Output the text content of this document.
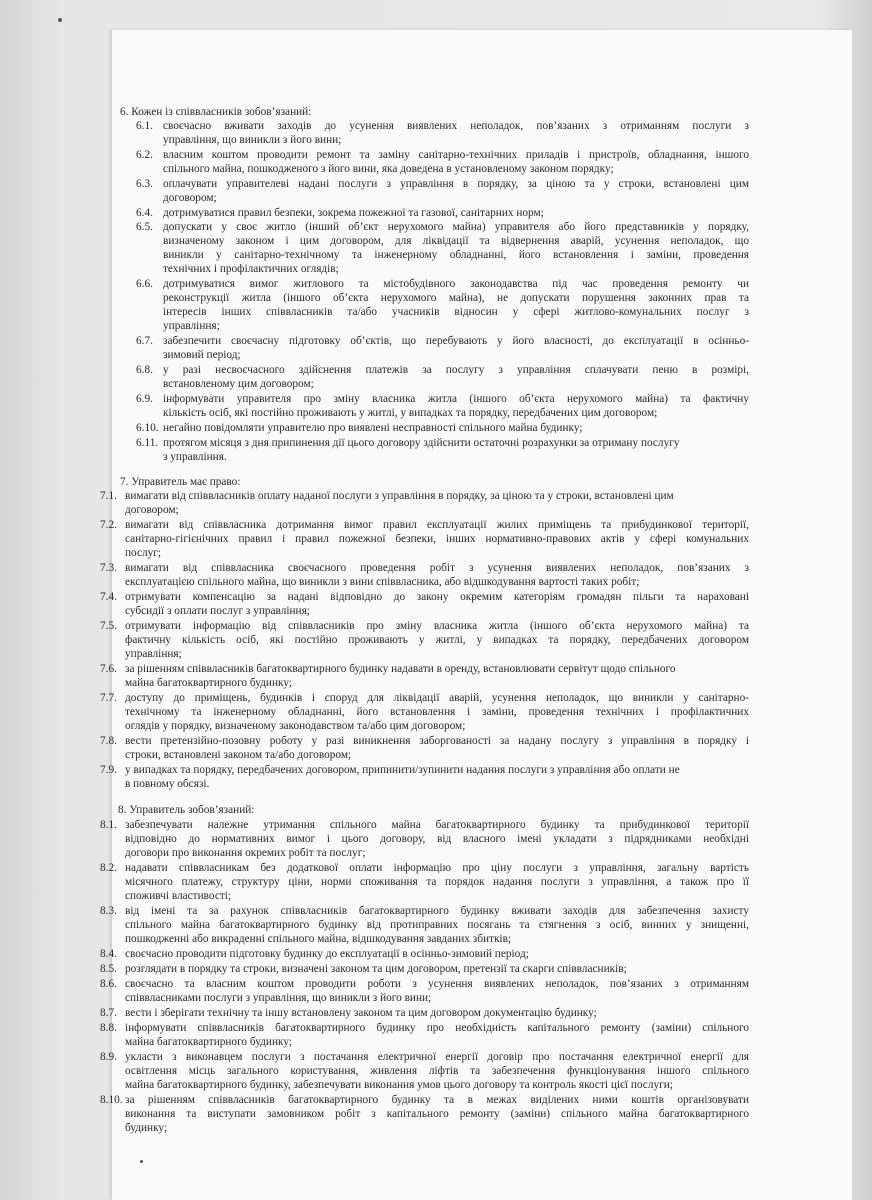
6. Кожен із співвласників зобов’язаний:
6.1. своєчасно вживати заходів до усунення виявлених неполадок, пов’язаних з отриманням послуги з
управління, що виникли з його вини;
6.2. власним коштом проводити ремонт та заміну санітарно-технічних приладів і пристроїв, обладнання, іншого
спільного майна, пошкодженого з його вини, яка доведена в установленому законом порядку;
6.3. оплачувати управителеві надані послуги з управління в порядку, за ціною та у строки, встановлені цим
договором;
6.4. дотримуватися правил безпеки, зокрема пожежної та газової, санітарних норм;
6.5. допускати у своє житло (інший об’єкт нерухомого майна) управителя або його представників у порядку,
визначеному законом і цим договором, для ліквідації та відвернення аварій, усунення неполадок, що
виникли у санітарно-технічному та інженерному обладнанні, його встановлення і заміни, проведення
технічних і профілактичних оглядів;
6.6. дотримуватися вимог житлового та містобудівного законодавства під час проведення ремонту чи
реконструкції житла (іншого об’єкта нерухомого майна), не допускати порушення законних прав та
інтересів інших співвласників та/або учасників відносин у сфері житлово-комунальних послуг з
управління;
6.7. забезпечити своєчасну підготовку об’єктів, що перебувають у його власності, до експлуатації в осінньо-
зимовий період;
6.8. у разі несвоєчасного здійснення платежів за послугу з управління сплачувати пеню в розмірі,
встановленому цим договором;
6.9. інформувати управителя про зміну власника житла (іншого об’єкта нерухомого майна) та фактичну
кількість осіб, які постійно проживають у житлі, у випадках та порядку, передбачених цим договором;
6.10. негайно повідомляти управителю про виявлені несправності спільного майна будинку;
6.11. протягом місяця з дня припинення дії цього договору здійснити остаточні розрахунки за отриману послугу
з управління.
7. Управитель має право:
7.1. вимагати від співвласників оплату наданої послуги з управління в порядку, за ціною та у строки, встановлені цим
договором;
7.2. вимагати від співвласника дотримання вимог правил експлуатації жилих приміщень та прибудинкової території,
санітарно-гігієнічних правил і правил пожежної безпеки, інших нормативно-правових актів у сфері комунальних
послуг;
7.3. вимагати від співвласника своєчасного проведення робіт з усунення виявлених неполадок, пов’язаних з
експлуатацією спільного майна, що виникли з вини співвласника, або відшкодування вартості таких робіт;
7.4. отримувати компенсацію за надані відповідно до закону окремим категоріям громадян пільги та нараховані
субсидії з оплати послуг з управління;
7.5. отримувати інформацію від співвласників про зміну власника житла (іншого об’єкта нерухомого майна) та
фактичну кількість осіб, які постійно проживають у житлі, у випадках та порядку, передбачених договором
управління;
7.6. за рішенням співвласників багатоквартирного будинку надавати в оренду, встановлювати сервітут щодо спільного
майна багатоквартирного будинку;
7.7. доступу до приміщень, будинків і споруд для ліквідації аварій, усунення неполадок, що виникли у санітарно-
технічному та інженерному обладнанні, його встановлення і заміни, проведення технічних і профілактичних
оглядів у порядку, визначеному законодавством та/або цим договором;
7.8. вести претензійно-позовну роботу у разі виникнення заборгованості за надану послугу з управління в порядку і
строки, встановлені законом та/або договором;
7.9. у випадках та порядку, передбачених договором, припинити/зупинити надання послуги з управління або оплати не
в повному обсязі.
8. Управитель зобов’язаний:
8.1. забезпечувати належне утримання спільного майна багатоквартирного будинку та прибудинкової території
відповідно до нормативних вимог і цього договору, від власного імені укладати з підрядниками необхідні
договори про виконання окремих робіт та послуг;
8.2. надавати співвласникам без додаткової оплати інформацію про ціну послуги з управління, загальну вартість
місячного платежу, структуру ціни, норми споживання та порядок надання послуги з управління, а також про її
споживчі властивості;
8.3. від імені та за рахунок співвласників багатоквартирного будинку вживати заходів для забезпечення захисту
спільного майна багатоквартирного будинку від протиправних посягань та стягнення з осіб, винних у знищенні,
пошкодженні або викраденні спільного майна, відшкодування завданих збитків;
8.4. своєчасно проводити підготовку будинку до експлуатації в осінньо-зимовий період;
8.5. розглядати в порядку та строки, визначені законом та цим договором, претензії та скарги співвласників;
8.6. своєчасно та власним коштом проводити роботи з усунення виявлених неполадок, пов’язаних з отриманням
співвласниками послуги з управління, що виникли з його вини;
8.7. вести і зберігати технічну та іншу встановлену законом та цим договором документацію будинку;
8.8. інформувати співвласників багатоквартирного будинку про необхідність капітального ремонту (заміни) спільного
майна багатоквартирного будинку;
8.9. укласти з виконавцем послуги з постачання електричної енергії договір про постачання електричної енергії для
освітлення місць загального користування, живлення ліфтів та забезпечення функціонування іншого спільного
майна багатоквартирного будинку, забезпечувати виконання умов цього договору та контроль якості цієї послуги;
8.10. за рішенням співвласників багатоквартирного будинку та в межах виділених ними коштів організовувати
виконання та виступати замовником робіт з капітального ремонту (заміни) спільного майна багатоквартирного
будинку;
